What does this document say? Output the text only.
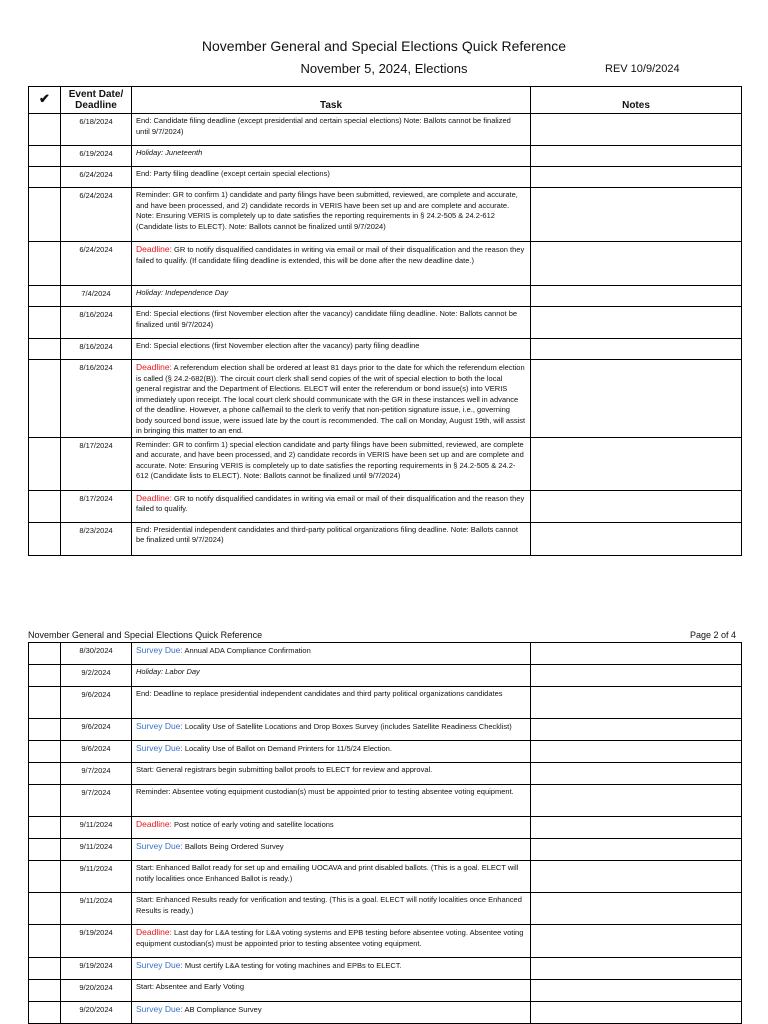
November General and Special Elections Quick Reference
November 5, 2024, Elections	REV 10/9/2024
✔	Event Date/ Deadline	Task	Notes
	6/18/2024	End: Candidate filing deadline (except presidential and certain special elections) Note: Ballots cannot be finalized until 9/7/2024)	
	6/19/2024	Holiday: Juneteenth	
	6/24/2024	End: Party filing deadline (except certain special elections)	
	6/24/2024	Reminder: GR to confirm 1) candidate and party filings have been submitted, reviewed, are complete and accurate, and have been processed, and 2) candidate records in VERIS have been set up and are complete and accurate. Note: Ensuring VERIS is completely up to date satisfies the reporting requirements in § 24.2-505 & 24.2-612 (Candidate lists to ELECT). Note: Ballots cannot be finalized until 9/7/2024)	
	6/24/2024	Deadline: GR to notify disqualified candidates in writing via email or mail of their disqualification and the reason they failed to qualify. (If candidate filing deadline is extended, this will be done after the new deadline date.)	
	7/4/2024	Holiday: Independence Day	
	8/16/2024	End: Special elections (first November election after the vacancy) candidate filing deadline. Note: Ballots cannot be finalized until 9/7/2024)	
	8/16/2024	End: Special elections (first November election after the vacancy) party filing deadline	
	8/16/2024	Deadline: A referendum election shall be ordered at least 81 days prior to the date for which the referendum election is called (§ 24.2-682(B)). The circuit court clerk shall send copies of the writ of special election to both the local general registrar and the Department of Elections. ELECT will enter the referendum or bond issue(s) into VERIS immediately upon receipt. The local court clerk should communicate with the GR in these instances well in advance of the deadline. However, a phone call\email to the clerk to verify that non-petition signature issue, i.e., governing body sourced bond issue, were issued late by the court is recommended. The call on Monday, August 19th, will assist in bringing this matter to an end.	
	8/17/2024	Reminder: GR to confirm 1) special election candidate and party filings have been submitted, reviewed, are complete and accurate, and have been processed, and 2) candidate records in VERIS have been set up and are complete and accurate. Note: Ensuring VERIS is completely up to date satisfies the reporting requirements in § 24.2-505 & 24.2-612 (Candidate lists to ELECT). Note: Ballots cannot be finalized until 9/7/2024)	
	8/17/2024	Deadline: GR to notify disqualified candidates in writing via email or mail of their disqualification and the reason they failed to qualify.	
	8/23/2024	End: Presidential independent candidates and third-party political organizations filing deadline. Note: Ballots cannot be finalized until 9/7/2024)	
November General and Special Elections Quick Reference	Page 2 of 4
	8/30/2024	Survey Due: Annual ADA Compliance Confirmation	
	9/2/2024	Holiday: Labor Day	
	9/6/2024	End: Deadline to replace presidential independent candidates and third party political organizations candidates	
	9/6/2024	Survey Due: Locality Use of Satellite Locations and Drop Boxes Survey (includes Satellite Readiness Checklist)	
	9/6/2024	Survey Due: Locality Use of Ballot on Demand Printers for 11/5/24 Election.	
	9/7/2024	Start: General registrars begin submitting ballot proofs to ELECT for review and approval.	
	9/7/2024	Reminder: Absentee voting equipment custodian(s) must be appointed prior to testing absentee voting equipment.	
	9/11/2024	Deadline: Post notice of early voting and satellite locations	
	9/11/2024	Survey Due: Ballots Being Ordered Survey	
	9/11/2024	Start: Enhanced Ballot ready for set up and emailing UOCAVA and print disabled ballots. (This is a goal. ELECT will notify localities once Enhanced Ballot is ready.)	
	9/11/2024	Start: Enhanced Results ready for verification and testing. (This is a goal. ELECT will notify localities once Enhanced Results is ready.)	
	9/19/2024	Deadline: Last day for L&A testing for L&A voting systems and EPB testing before absentee voting. Absentee voting equipment custodian(s) must be appointed prior to testing absentee voting equipment.	
	9/19/2024	Survey Due: Must certify L&A testing for voting machines and EPBs to ELECT.	
	9/20/2024	Start: Absentee and Early Voting	
	9/20/2024	Survey Due: AB Compliance Survey	
